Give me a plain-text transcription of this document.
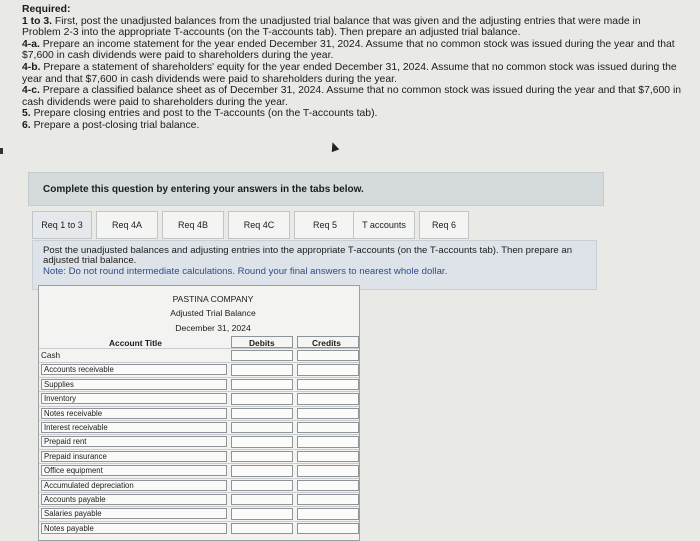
Required:

1 to 3. First, post the unadjusted balances from the unadjusted trial balance that was given and the adjusting entries that were made in Problem 2-3 into the appropriate T-accounts (on the T-accounts tab). Then prepare an adjusted trial balance.

4-a. Prepare an income statement for the year ended December 31, 2024. Assume that no common stock was issued during the year and that $7,600 in cash dividends were paid to shareholders during the year.

4-b. Prepare a statement of shareholders' equity for the year ended December 31, 2024. Assume that no common stock was issued during the year and that $7,600 in cash dividends were paid to shareholders during the year.

4-c. Prepare a classified balance sheet as of December 31, 2024. Assume that no common stock was issued during the year and that $7,600 in cash dividends were paid to shareholders during the year.

5. Prepare closing entries and post to the T-accounts (on the T-accounts tab).

6. Prepare a post-closing trial balance.

Complete this question by entering your answers in the tabs below.
Req 1 to 3	Req 4A	Req 4B	Req 4C	Req 5	T accounts	Req 6
Post the unadjusted balances and adjusting entries into the appropriate T-accounts (on the T-accounts tab). Then prepare an adjusted trial balance.
Note: Do not round intermediate calculations. Round your final answers to nearest whole dollar.
PASTINA COMPANY
Adjusted Trial Balance
December 31, 2024
Account Title	Debits	Credits
Cash
Accounts receivable
Supplies
Inventory
Notes receivable
Interest receivable
Prepaid rent
Prepaid insurance
Office equipment
Accumulated depreciation
Accounts payable
Salaries payable
Notes payable
